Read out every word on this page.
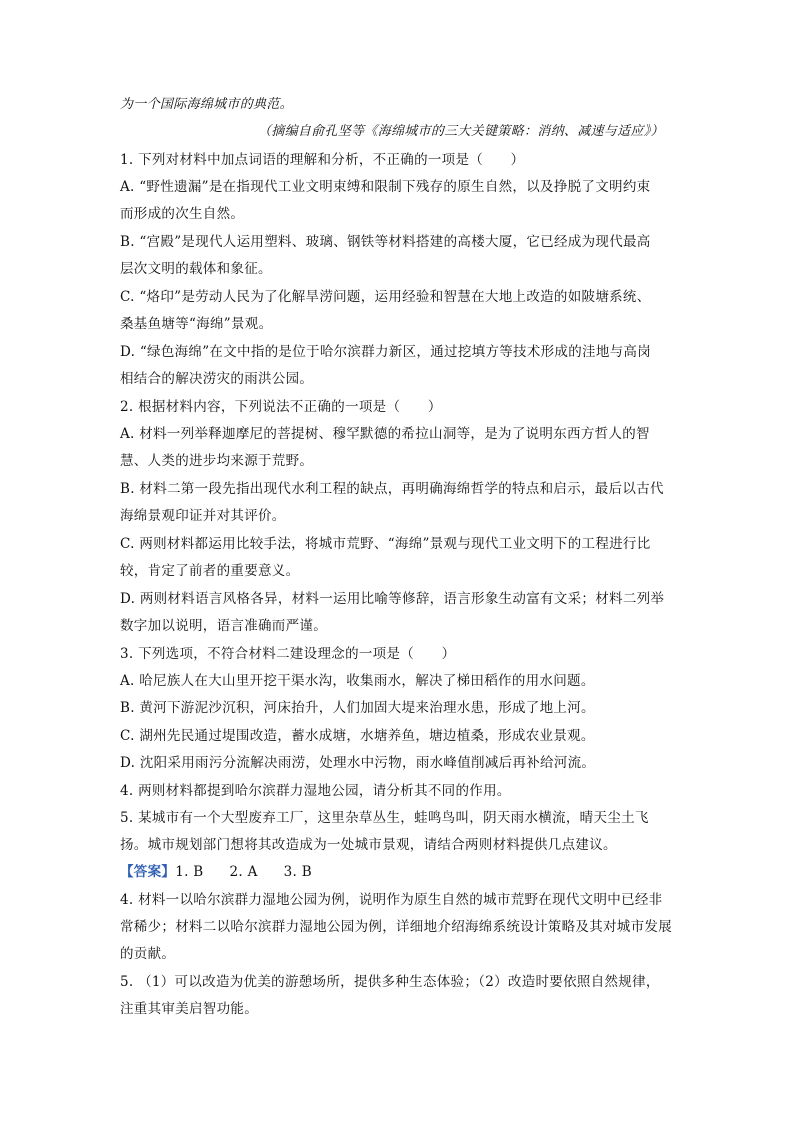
为一个国际海绵城市的典范。
（摘编自俞孔坚等《海绵城市的三大关键策略：消纳、减速与适应》）
1. 下列对材料中加点词语的理解和分析，不正确的一项是（　　）
A. “野性遗漏”是在指现代工业文明束缚和限制下残存的原生自然，以及挣脱了文明约束
而形成的次生自然。
B. “宫殿”是现代人运用塑料、玻璃、钢铁等材料搭建的高楼大厦，它已经成为现代最高
层次文明的载体和象征。
C. “烙印”是劳动人民为了化解旱涝问题，运用经验和智慧在大地上改造的如陂塘系统、
桑基鱼塘等“海绵”景观。
D. “绿色海绵”在文中指的是位于哈尔滨群力新区，通过挖填方等技术形成的洼地与高岗
相结合的解决涝灾的雨洪公园。
2. 根据材料内容，下列说法不正确的一项是（　　）
A. 材料一列举释迦摩尼的菩提树、穆罕默德的希拉山洞等，是为了说明东西方哲人的智
慧、人类的进步均来源于荒野。
B. 材料二第一段先指出现代水利工程的缺点，再明确海绵哲学的特点和启示，最后以古代
海绵景观印证并对其评价。
C. 两则材料都运用比较手法，将城市荒野、“海绵”景观与现代工业文明下的工程进行比
较，肯定了前者的重要意义。
D. 两则材料语言风格各异，材料一运用比喻等修辞，语言形象生动富有文采；材料二列举
数字加以说明，语言准确而严谨。
3. 下列选项，不符合材料二建设理念的一项是（　　）
A. 哈尼族人在大山里开挖干渠水沟，收集雨水，解决了梯田稻作的用水问题。
B. 黄河下游泥沙沉积，河床抬升，人们加固大堤来治理水患，形成了地上河。
C. 湖州先民通过堤围改造，蓄水成塘，水塘养鱼，塘边植桑，形成农业景观。
D. 沈阳采用雨污分流解决雨涝，处理水中污物，雨水峰值削减后再补给河流。
4. 两则材料都提到哈尔滨群力湿地公园，请分析其不同的作用。
5. 某城市有一个大型废弃工厂，这里杂草丛生，蛙鸣鸟叫，阴天雨水横流，晴天尘土飞
扬。城市规划部门想将其改造成为一处城市景观，请结合两则材料提供几点建议。
【答案】1. B 2. A 3. B
4. 材料一以哈尔滨群力湿地公园为例，说明作为原生自然的城市荒野在现代文明中已经非
常稀少；材料二以哈尔滨群力湿地公园为例，详细地介绍海绵系统设计策略及其对城市发展
的贡献。
5. （1）可以改造为优美的游憩场所，提供多种生态体验；（2）改造时要依照自然规律，
注重其审美启智功能。
